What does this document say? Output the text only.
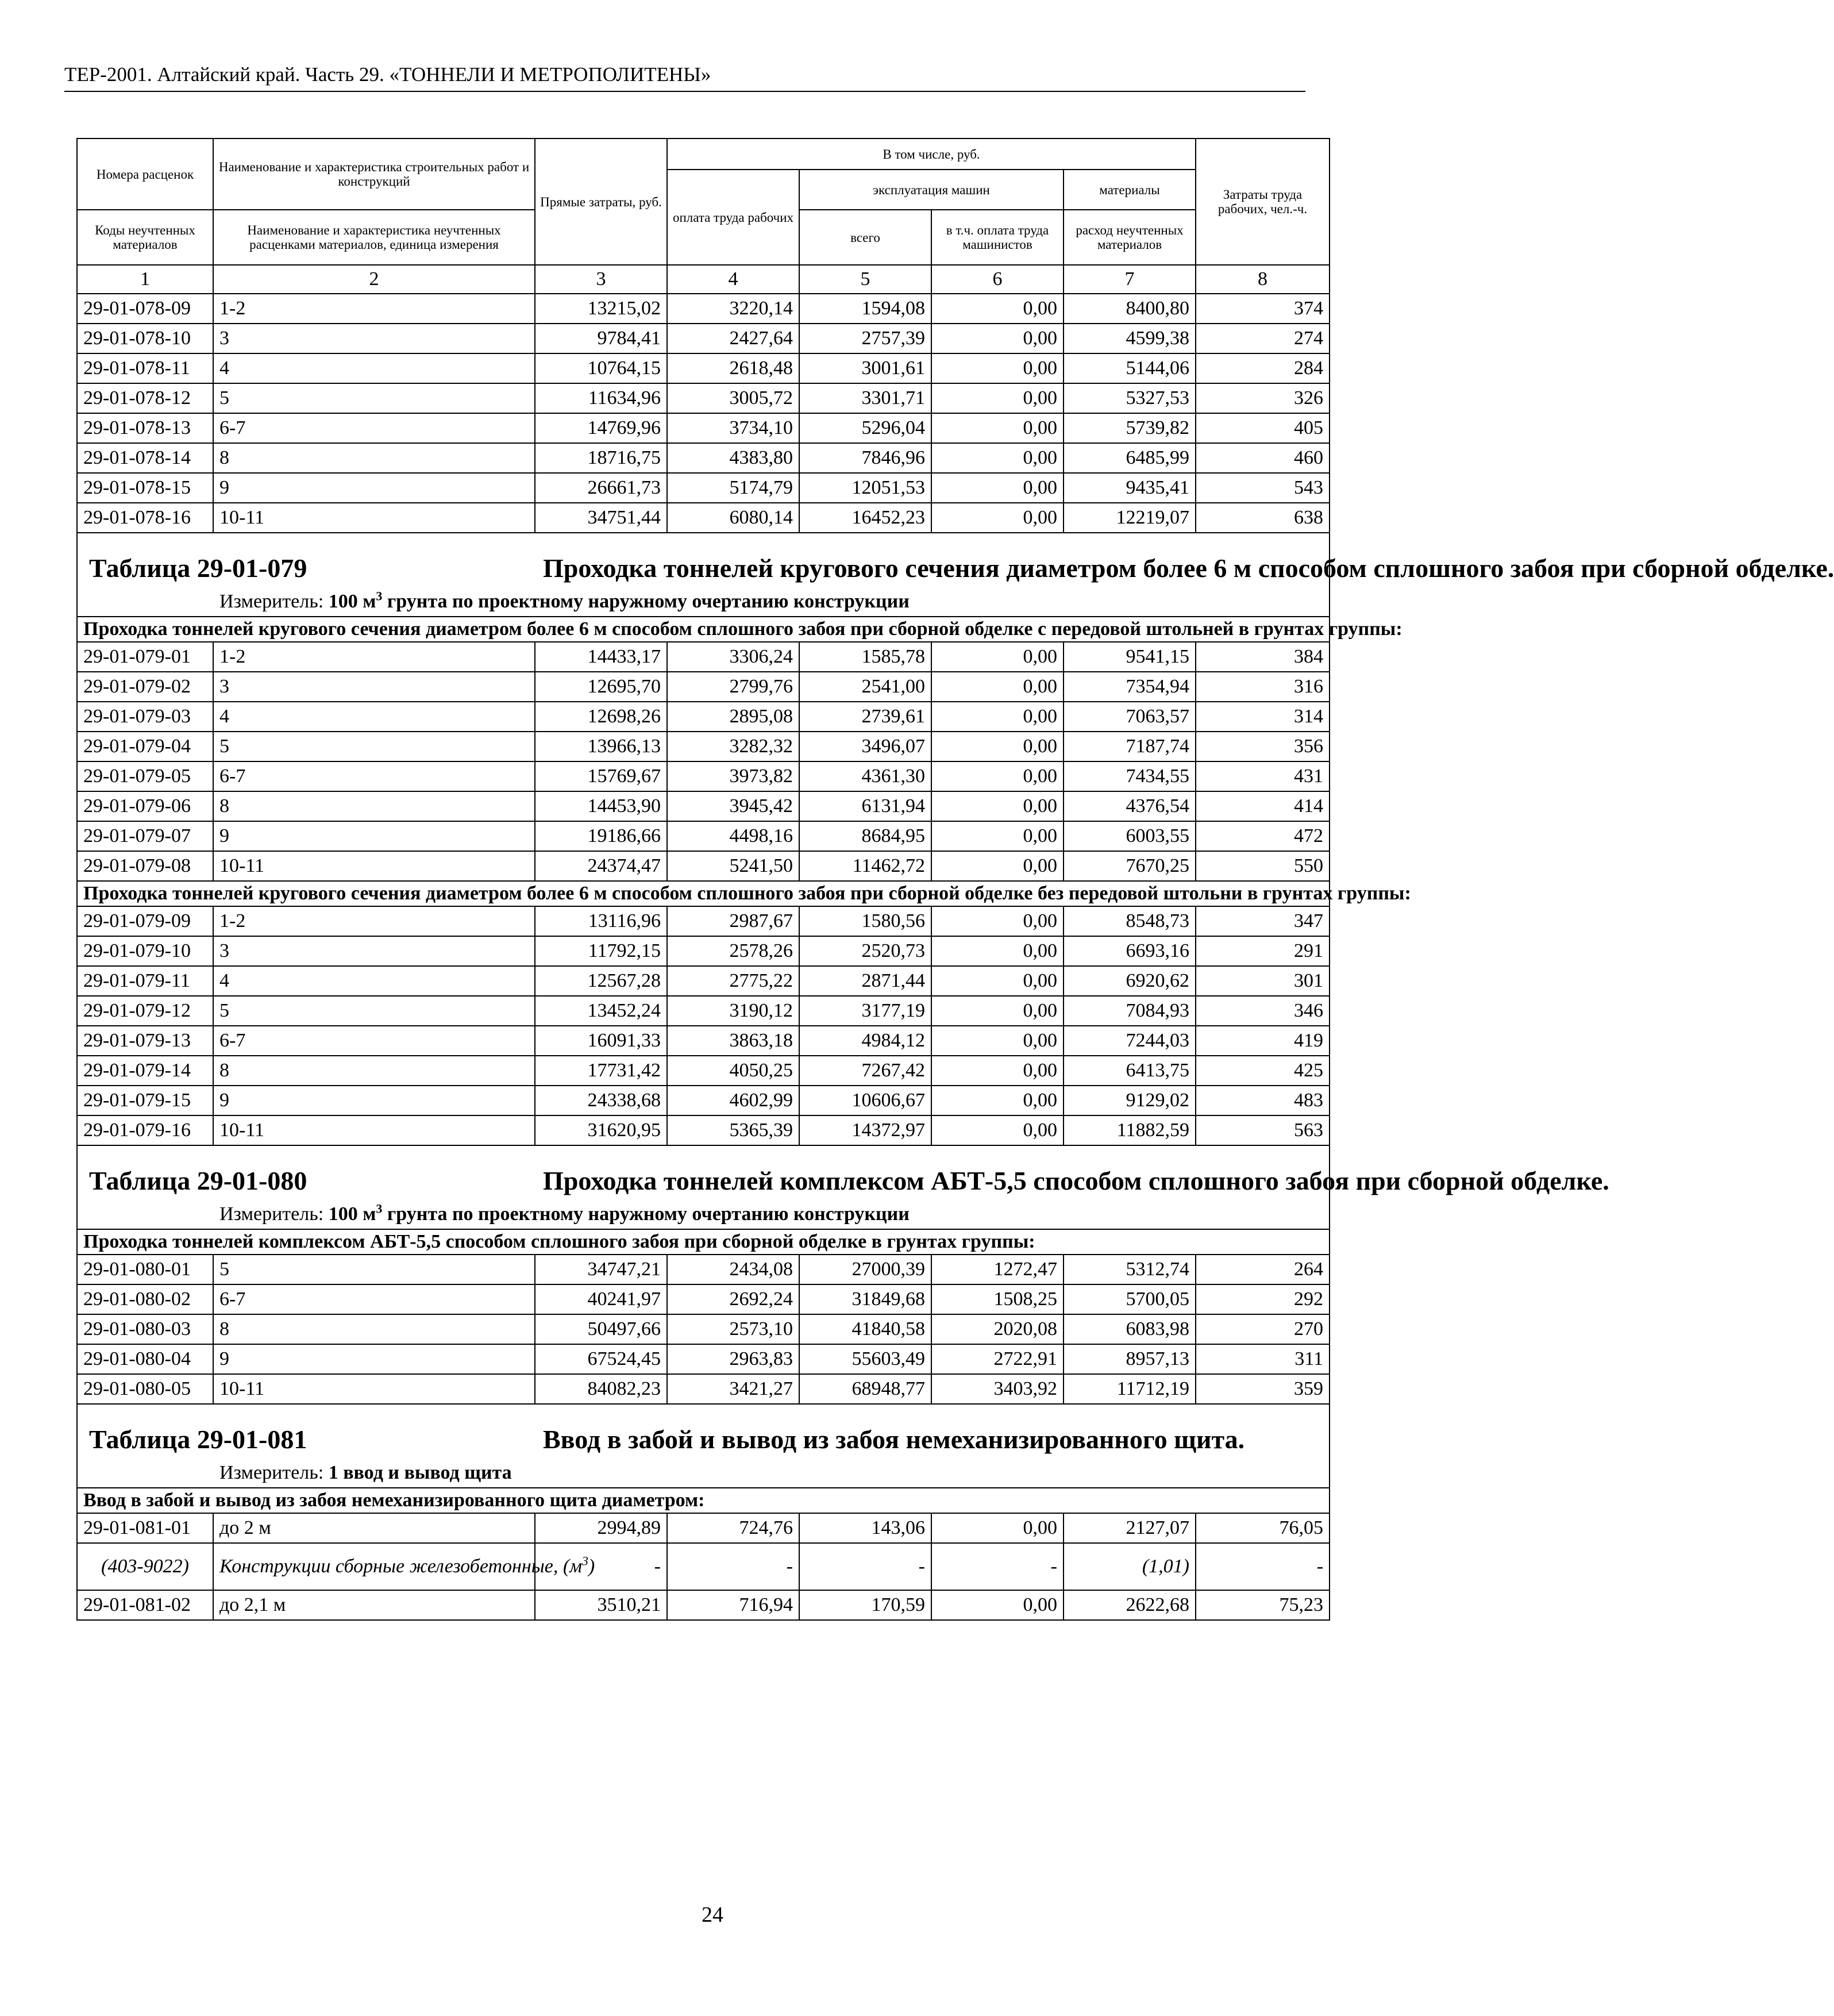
ТЕР-2001. Алтайский край. Часть 29. «ТОННЕЛИ И МЕТРОПОЛИТЕНЫ»
Номера расценок	Наименование и характеристика строительных работ и конструкций	Прямые затраты, руб.	В том числе, руб.				Затраты труда рабочих, чел.-ч.
			оплата труда рабочих	эксплуатация машин		материалы	
Коды неучтенных материалов	Наименование и характеристика неучтенных расценками материалов, единица измерения			всего	в т.ч. оплата труда машинистов	расход неучтенных материалов	
1	2	3	4	5	6	7	8
29-01-078-09	1-2	13215,02	3220,14	1594,08	0,00	8400,80	374
29-01-078-10	3	9784,41	2427,64	2757,39	0,00	4599,38	274
29-01-078-11	4	10764,15	2618,48	3001,61	0,00	5144,06	284
29-01-078-12	5	11634,96	3005,72	3301,71	0,00	5327,53	326
29-01-078-13	6-7	14769,96	3734,10	5296,04	0,00	5739,82	405
29-01-078-14	8	18716,75	4383,80	7846,96	0,00	6485,99	460
29-01-078-15	9	26661,73	5174,79	12051,53	0,00	9435,41	543
29-01-078-16	10-11	34751,44	6080,14	16452,23	0,00	12219,07	638

Таблица 29-01-079 Проходка тоннелей кругового сечения диаметром более 6 м способом сплошного забоя при сборной обделке.
Измеритель: 100 $м^3$ грунта по проектному наружному очертанию конструкции							

Проходка тоннелей кругового сечения диаметром более 6 м способом сплошного забоя при сборной обделке с передовой штольней в грунтах группы:							
29-01-079-01	1-2	14433,17	3306,24	1585,78	0,00	9541,15	384
29-01-079-02	3	12695,70	2799,76	2541,00	0,00	7354,94	316
29-01-079-03	4	12698,26	2895,08	2739,61	0,00	7063,57	314
29-01-079-04	5	13966,13	3282,32	3496,07	0,00	7187,74	356
29-01-079-05	6-7	15769,67	3973,82	4361,30	0,00	7434,55	431
29-01-079-06	8	14453,90	3945,42	6131,94	0,00	4376,54	414
29-01-079-07	9	19186,66	4498,16	8684,95	0,00	6003,55	472
29-01-079-08	10-11	24374,47	5241,50	11462,72	0,00	7670,25	550
Проходка тоннелей кругового сечения диаметром более 6 м способом сплошного забоя при сборной обделке без передовой штольни в грунтах группы:							
29-01-079-09	1-2	13116,96	2987,67	1580,56	0,00	8548,73	347
29-01-079-10	3	11792,15	2578,26	2520,73	0,00	6693,16	291
29-01-079-11	4	12567,28	2775,22	2871,44	0,00	6920,62	301
29-01-079-12	5	13452,24	3190,12	3177,19	0,00	7084,93	346
29-01-079-13	6-7	16091,33	3863,18	4984,12	0,00	7244,03	419
29-01-079-14	8	17731,42	4050,25	7267,42	0,00	6413,75	425
29-01-079-15	9	24338,68	4602,99	10606,67	0,00	9129,02	483
29-01-079-16	10-11	31620,95	5365,39	14372,97	0,00	11882,59	563

Таблица 29-01-080 Проходка тоннелей комплексом АБТ-5,5 способом сплошного забоя при сборной обделке.
Измеритель: 100 $м^3$ грунта по проектному наружному очертанию конструкции							

Проходка тоннелей комплексом АБТ-5,5 способом сплошного забоя при сборной обделке в грунтах группы:							
29-01-080-01	5	34747,21	2434,08	27000,39	1272,47	5312,74	264
29-01-080-02	6-7	40241,97	2692,24	31849,68	1508,25	5700,05	292
29-01-080-03	8	50497,66	2573,10	41840,58	2020,08	6083,98	270
29-01-080-04	9	67524,45	2963,83	55603,49	2722,91	8957,13	311
29-01-080-05	10-11	84082,23	3421,27	68948,77	3403,92	11712,19	359

Таблица 29-01-081 Ввод в забой и вывод из забоя немеханизированного щита.
Измеритель: 1 ввод и вывод щита							

Ввод в забой и вывод из забоя немеханизированного щита диаметром:							
29-01-081-01	до 2 м	2994,89	724,76	143,06	0,00	2127,07	76,05
(403-9022)	Конструкции сборные железобетонные, $(м^3)$	-	-	-	-	(1,01)	-
29-01-081-02	до 2,1 м	3510,21	716,94	170,59	0,00	2622,68	75,23
24
